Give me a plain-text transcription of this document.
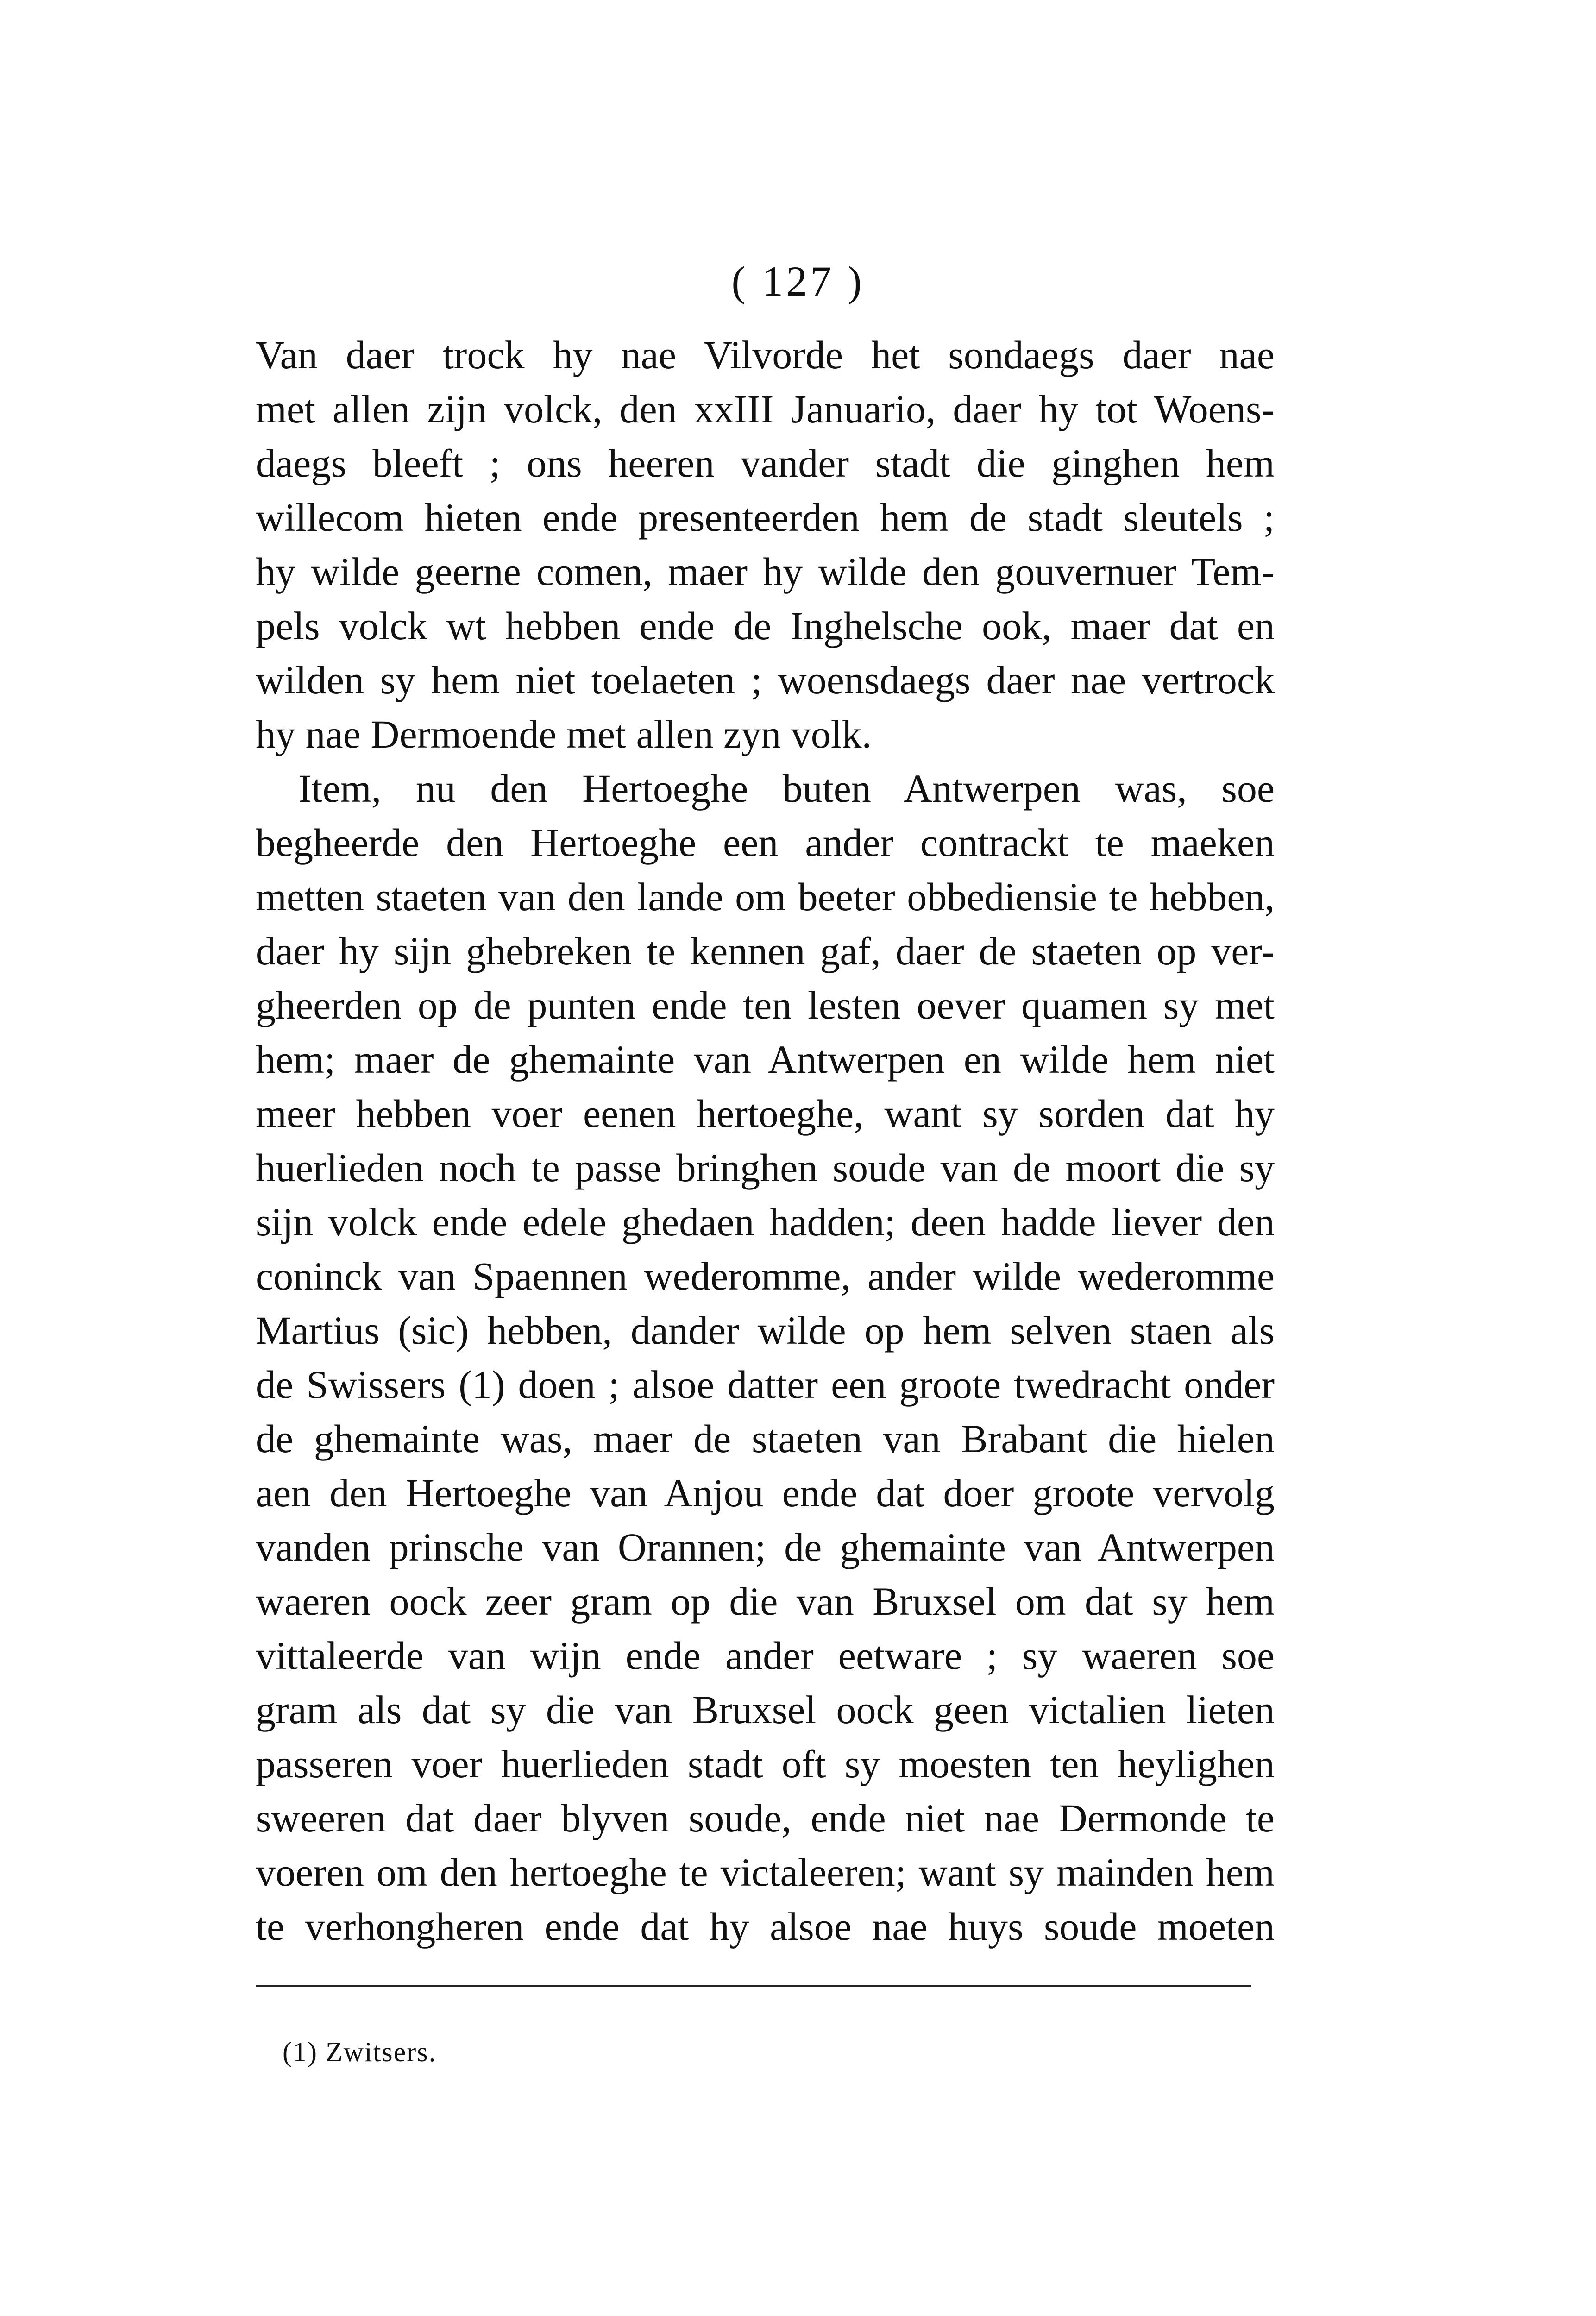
( 127 )
Van daer trock hy nae Vilvorde het sondaegs daer nae
met allen zijn volck, den xxIII Januario, daer hy tot Woens-
daegs bleeft ; ons heeren vander stadt die ginghen hem
willecom hieten ende presenteerden hem de stadt sleutels ;
hy wilde geerne comen, maer hy wilde den gouvernuer Tem-
pels volck wt hebben ende de Inghelsche ook, maer dat en
wilden sy hem niet toelaeten ; woensdaegs daer nae vertrock
hy nae Dermoende met allen zyn volk.
Item, nu den Hertoeghe buten Antwerpen was, soe
begheerde den Hertoeghe een ander contrackt te maeken
metten staeten van den lande om beeter obbediensie te hebben,
daer hy sijn ghebreken te kennen gaf, daer de staeten op ver-
gheerden op de punten ende ten lesten oever quamen sy met
hem; maer de ghemainte van Antwerpen en wilde hem niet
meer hebben voer eenen hertoeghe, want sy sorden dat hy
huerlieden noch te passe bringhen soude van de moort die sy
sijn volck ende edele ghedaen hadden; deen hadde liever den
coninck van Spaennen wederomme, ander wilde wederomme
Martius (sic) hebben, dander wilde op hem selven staen als
de Swissers (1) doen ; alsoe datter een groote twedracht onder
de ghemainte was, maer de staeten van Brabant die hielen
aen den Hertoeghe van Anjou ende dat doer groote vervolg
vanden prinsche van Orannen; de ghemainte van Antwerpen
waeren oock zeer gram op die van Bruxsel om dat sy hem
vittaleerde van wijn ende ander eetware ; sy waeren soe
gram als dat sy die van Bruxsel oock geen victalien lieten
passeren voer huerlieden stadt oft sy moesten ten heylighen
sweeren dat daer blyven soude, ende niet nae Dermonde te
voeren om den hertoeghe te victaleeren; want sy mainden hem
te verhongheren ende dat hy alsoe nae huys soude moeten
(1) Zwitsers.
